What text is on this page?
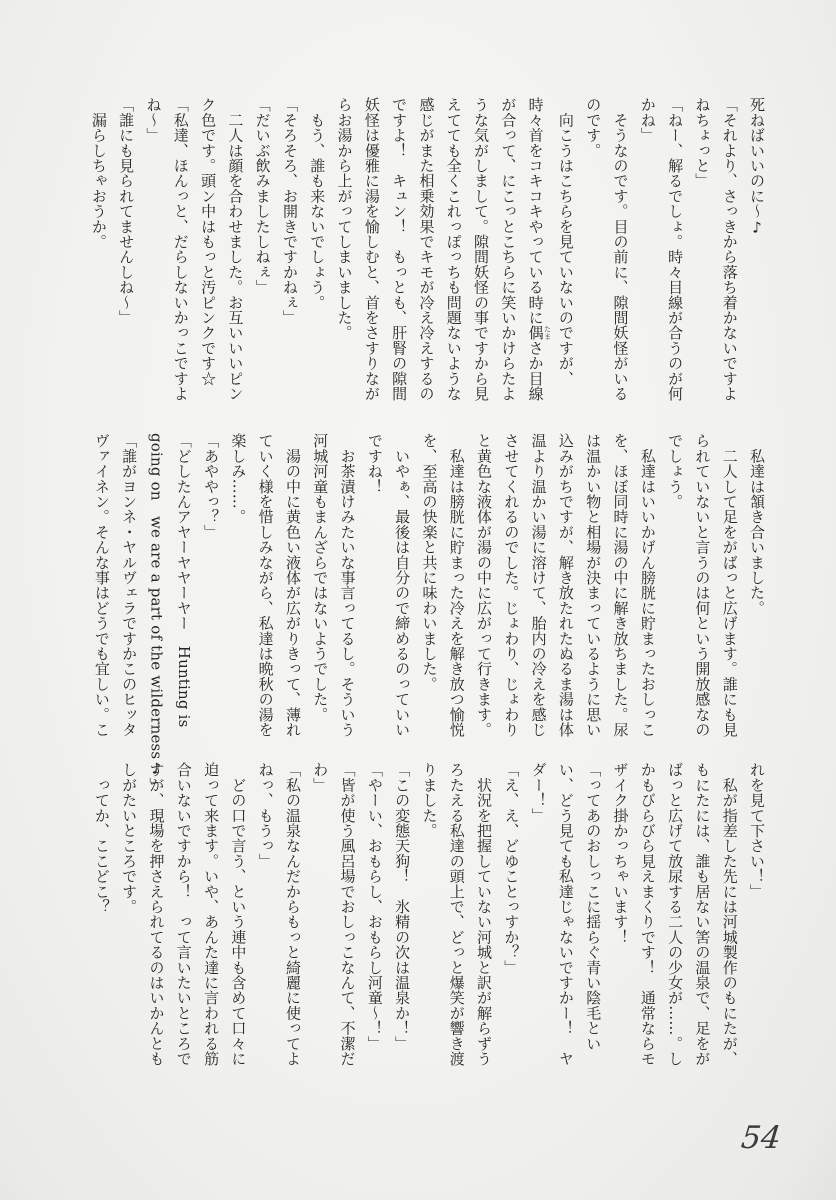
死ねばいいのに〜♪
「それより、さっきから落ち着かないですよ
ねちょっと」
「ねー、解るでしょ。時々目線が合うのが何
かね」
　そうなのです。目の前に、隙間妖怪がいる
のです。
　向こうはこちらを見ていないのですが、
時々首をコキコキやっている時に偶 たまさか目線
が合って、にこっとこちらに笑いかけらたよ
うな気がしまして。隙間妖怪の事ですから見
えてても全くこれっぽっちも問題ないような
感じがまた相乗効果でキモが冷え冷えするの
ですよ！　キュン！　もっとも、肝腎の隙間
妖怪は優雅に湯を愉しむと、首をさすりなが
らお湯から上がってしまいました。
　もう、誰も来ないでしょう。
「そろそろ、お開きですかねぇ」
「だいぶ飲みましたしねぇ」
　二人は顔を合わせました。お互いいいピン
ク色です。頭ン中はもっと汚ピンクです☆
「私達、ほんっと、だらしないかっこですよ
ね〜」
「誰にも見られてませんしね〜」
　漏らしちゃおうか。
　私達は頷き合いました。
　二人して足をがばっと広げます。誰にも見
られていないと言うのは何という開放感なの
でしょう。
　私達はいいかげん膀胱に貯まったおしっこ
を、ほぼ同時に湯の中に解き放ちました。尿
は温かい物と相場が決まっているように思い
込みがちですが、解き放たれたぬるま湯は体
温より温かい湯に溶けて、胎内の冷えを感じ
させてくれるのでした。じょわり、じょわり
と黄色な液体が湯の中に広がって行きます。
　私達は膀胱に貯まった冷えを解き放つ愉悦
を、至高の快楽と共に味わいました。
　いやぁ、最後は自分ので締めるのっていい
ですね！
　お茶漬けみたいな事言ってるし。そういう
河城河童もまんざらではないようでした。
　湯の中に黄色い液体が広がりきって、薄れ
ていく様を惜しみながら、私達は晩秋の湯を
楽しみ……。
「あややっ？」
「どしたんアヤーヤヤーヤー　Hunting is
going on　we are a part of the wilderness♪」
「誰がヨンネ・ヤルヴェラですかこのヒッタ
ヴァイネン。そんな事はどうでも宜しい。こ
れを見て下さい！」
　私が指差した先には河城製作のもにたが、
もにたには、誰も居ない筈の温泉で、足をが
ばっと広げて放尿する二人の少女が……。し
かもびらびら見えまくりです！　通常ならモ
ザイク掛かっちゃいます！
「ってあのおしっこに揺らぐ青い陰毛とい
い、どう見ても私達じゃないですかー！　ヤ
ダー！」
「え、え、どゆことっすか？」
　状況を把握していない河城と訳が解らずう
ろたえる私達の頭上で、どっと爆笑が響き渡
りました。
「この変態天狗！　氷精の次は温泉か！」
「やーい、おもらし、おもらし河童〜！」
「皆が使う風呂場でおしっこなんて、不潔だ
わ」
「私の温泉なんだからもっと綺麗に使ってよ
ねっ、もうっ」
　どの口で言う、という連中も含めて口々に
迫って来ます。いや、あんた達に言われる筋
合いないですから！　って言いたいところで
すが、現場を押さえられてるのはいかんとも
しがたいところです。
　ってか、ここどこ？
54
